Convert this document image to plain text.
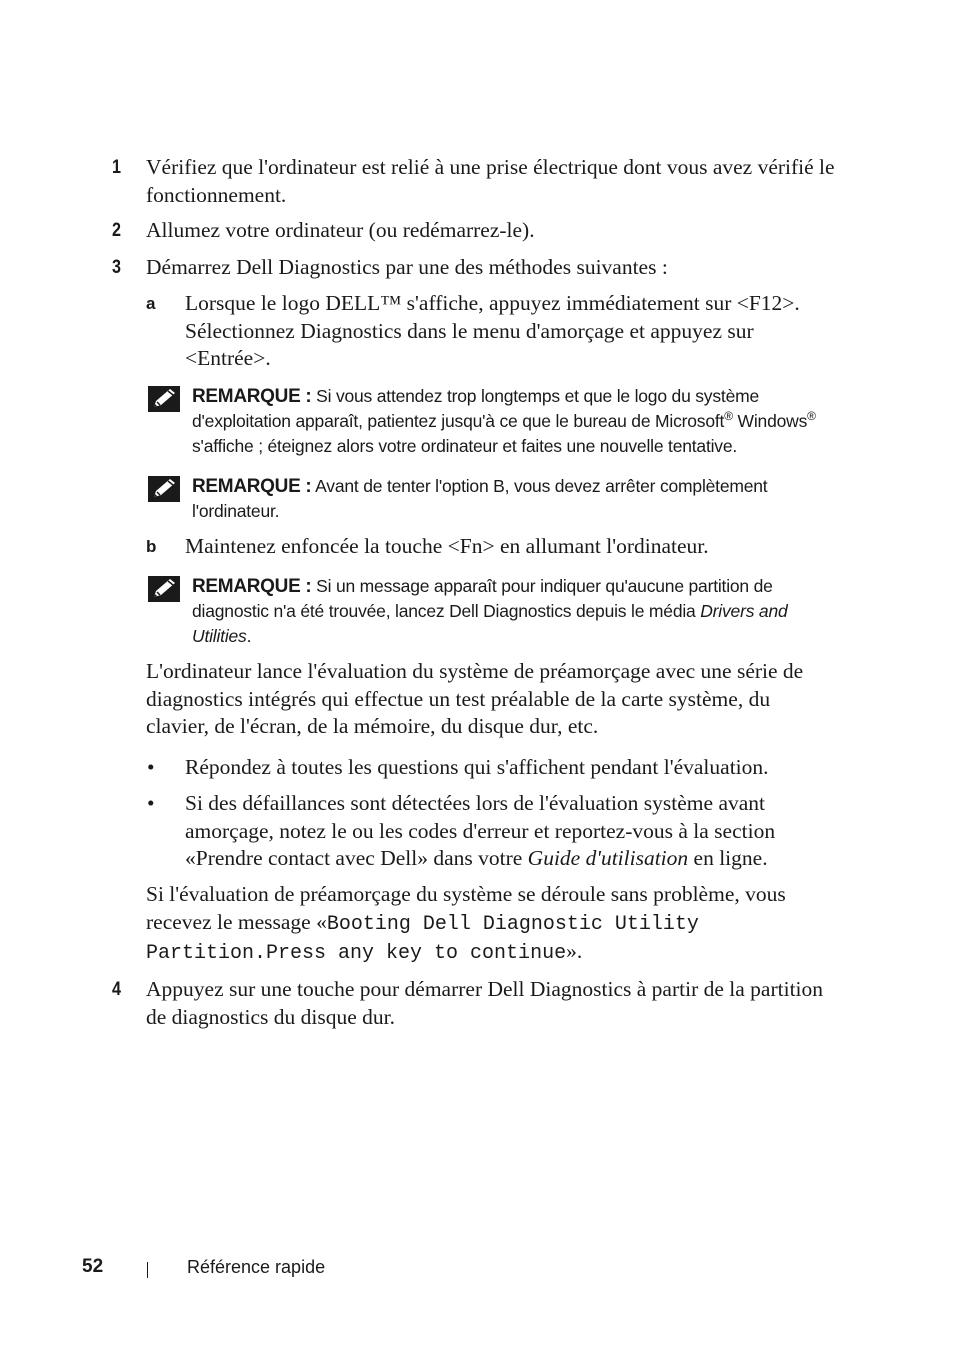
1 Vérifiez que l'ordinateur est relié à une prise électrique dont vous avez vérifié le fonctionnement.
2 Allumez votre ordinateur (ou redémarrez-le).
3 Démarrez Dell Diagnostics par une des méthodes suivantes :
a Lorsque le logo DELL™ s'affiche, appuyez immédiatement sur <F12>. Sélectionnez Diagnostics dans le menu d'amorçage et appuyez sur <Entrée>.
REMARQUE : Si vous attendez trop longtemps et que le logo du système d'exploitation apparaît, patientez jusqu'à ce que le bureau de Microsoft® Windows® s'affiche ; éteignez alors votre ordinateur et faites une nouvelle tentative.
REMARQUE : Avant de tenter l'option B, vous devez arrêter complètement l'ordinateur.
b Maintenez enfoncée la touche <Fn> en allumant l'ordinateur.
REMARQUE : Si un message apparaît pour indiquer qu'aucune partition de diagnostic n'a été trouvée, lancez Dell Diagnostics depuis le média Drivers and Utilities.
L'ordinateur lance l'évaluation du système de préamorçage avec une série de diagnostics intégrés qui effectue un test préalable de la carte système, du clavier, de l'écran, de la mémoire, du disque dur, etc.
• Répondez à toutes les questions qui s'affichent pendant l'évaluation.
• Si des défaillances sont détectées lors de l'évaluation système avant amorçage, notez le ou les codes d'erreur et reportez-vous à la section «Prendre contact avec Dell» dans votre Guide d'utilisation en ligne.
Si l'évaluation de préamorçage du système se déroule sans problème, vous recevez le message «Booting Dell Diagnostic Utility Partition.Press any key to continue».
4 Appuyez sur une touche pour démarrer Dell Diagnostics à partir de la partition de diagnostics du disque dur.
52	Référence rapide
